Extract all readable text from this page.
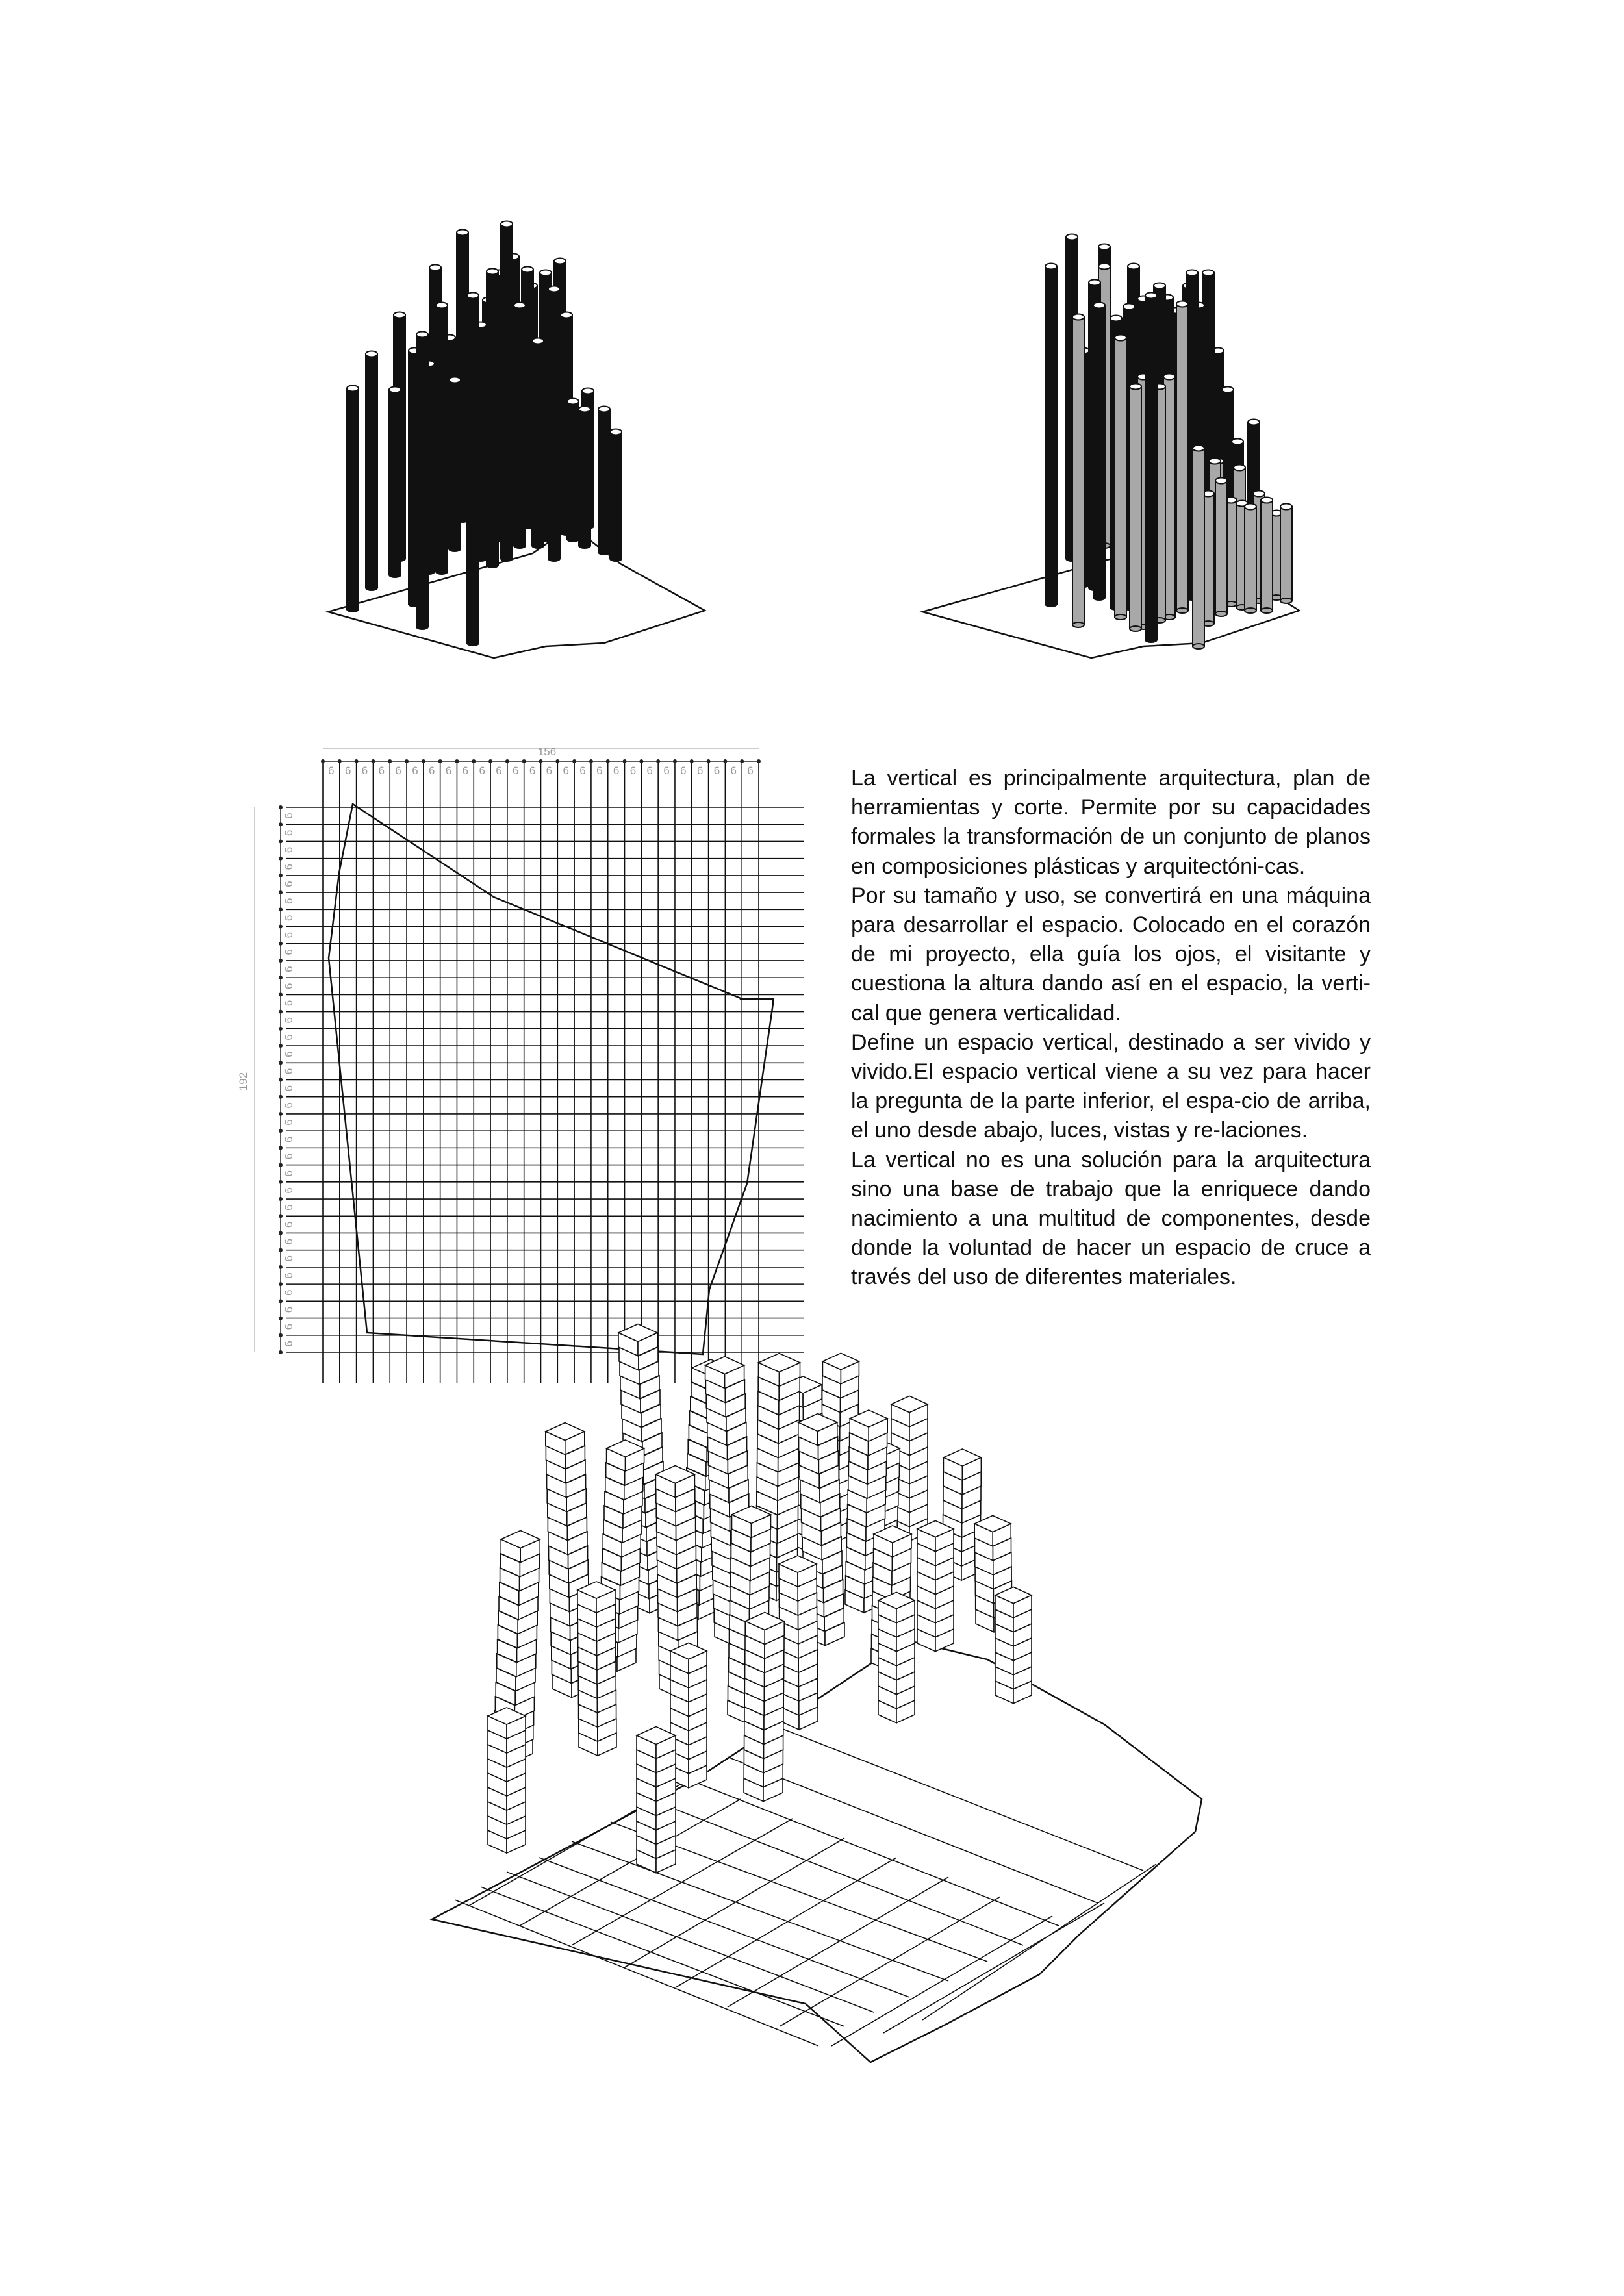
6 6 6 6 6 6 6 6 6 6 6 6 6 6 6 6 6 6 6 6 6 6 6 6 6 6
6
6
6
6
6
6
6
6
6
6
6
6
6
6
6
6
6
6
6
6
6
6
6
6
6
6
6
6
6
6
6
6
156
192

La vertical es principalmente arquitectura, plan de herramientas y corte. Permite por su capacidades formales la transformación de un conjunto de planos en composiciones plásticas y arquitectóni-cas.

Por su tamaño y uso, se convertirá en una máquina para desarrollar el espacio. Colocado en el corazón de mi proyecto, ella guía los ojos, el visitante y cuestiona la altura dando así en el espacio, la verti-cal que genera verticalidad.

Define un espacio vertical, destinado a ser vivido y vivido.El espacio vertical viene a su vez para hacer la pregunta de la parte inferior, el espa-cio de arriba, el uno desde abajo, luces, vistas y re-laciones.

La vertical no es una solución para la arquitectura sino una base de trabajo que la enriquece dando nacimiento a una multitud de componentes, desde donde la voluntad de hacer un espacio de cruce a través del uso de diferentes materiales.
